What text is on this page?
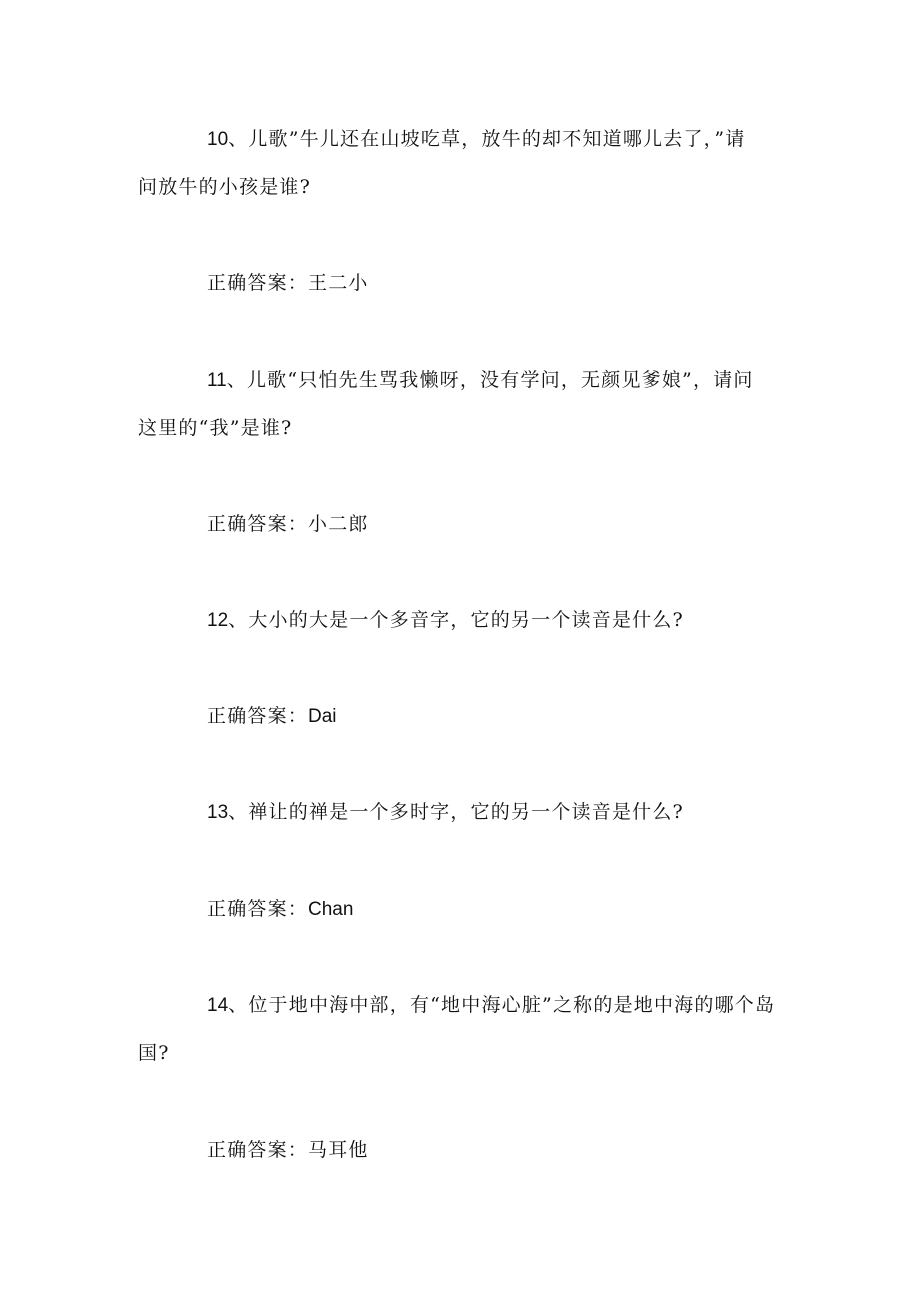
10、儿歌”牛儿还在山坡吃草，放牛的却不知道哪儿去了，”请

问放牛的小孩是谁?

正确答案：王二小

11、儿歌“只怕先生骂我懒呀，没有学问，无颜见爹娘”，请问

这里的“我”是谁?

正确答案：小二郎

12、大小的大是一个多音字，它的另一个读音是什么?

正确答案：Dai

13、禅让的禅是一个多时字，它的另一个读音是什么?

正确答案：Chan

14、位于地中海中部，有“地中海心脏”之称的是地中海的哪个岛

国?

正确答案：马耳他
